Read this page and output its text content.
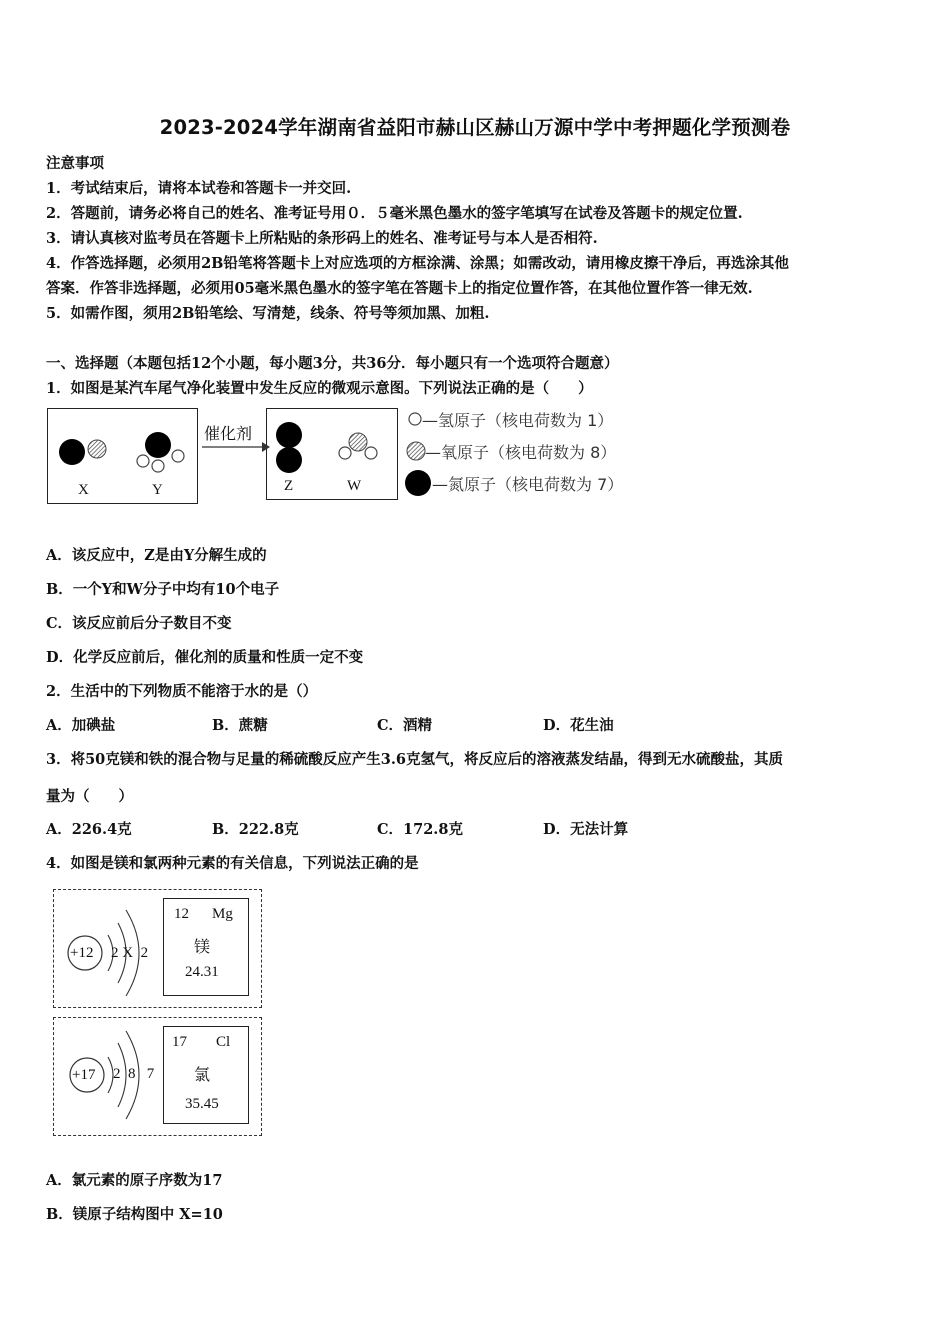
2023-2024学年湖南省益阳市赫山区赫山万源中学中考押题化学预测卷
注意事项
1．考试结束后，请将本试卷和答题卡一并交回.
2．答题前，请务必将自己的姓名、准考证号用０．５毫米黑色墨水的签字笔填写在试卷及答题卡的规定位置.
3．请认真核对监考员在答题卡上所粘贴的条形码上的姓名、准考证号与本人是否相符.
4．作答选择题，必须用2B铅笔将答题卡上对应选项的方框涂满、涂黑；如需改动，请用橡皮擦干净后，再选涂其他
答案．作答非选择题，必须用05毫米黑色墨水的签字笔在答题卡上的指定位置作答，在其他位置作答一律无效.
5．如需作图，须用2B铅笔绘、写清楚，线条、符号等须加黑、加粗.
一、选择题（本题包括12个小题，每小题3分，共36分．每小题只有一个选项符合题意）
1．如图是某汽车尾气净化装置中发生反应的微观示意图。下列说法正确的是（　　）
催化剂
X	Y	Z	W
—氢原子（核电荷数为 1）
—氧原子（核电荷数为 8）
—氮原子（核电荷数为 7）
A．该反应中，Z是由Y分解生成的
B．一个Y和W分子中均有10个电子
C．该反应前后分子数目不变
D．化学反应前后，催化剂的质量和性质一定不变
2．生活中的下列物质不能溶于水的是（）
A．加碘盐	B．蔗糖	C．酒精	D．花生油
3．将50克镁和铁的混合物与足量的稀硫酸反应产生3.6克氢气，将反应后的溶液蒸发结晶，得到无水硫酸盐，其质
量为（　　）
A．226.4克	B．222.8克	C．172.8克	D．无法计算
4．如图是镁和氯两种元素的有关信息，下列说法正确的是
+12 2 X  2
12 Mg
镁
24.31
+17 2  8   7
17 Cl
氯
35.45
A．氯元素的原子序数为17
B．镁原子结构图中 X=10
